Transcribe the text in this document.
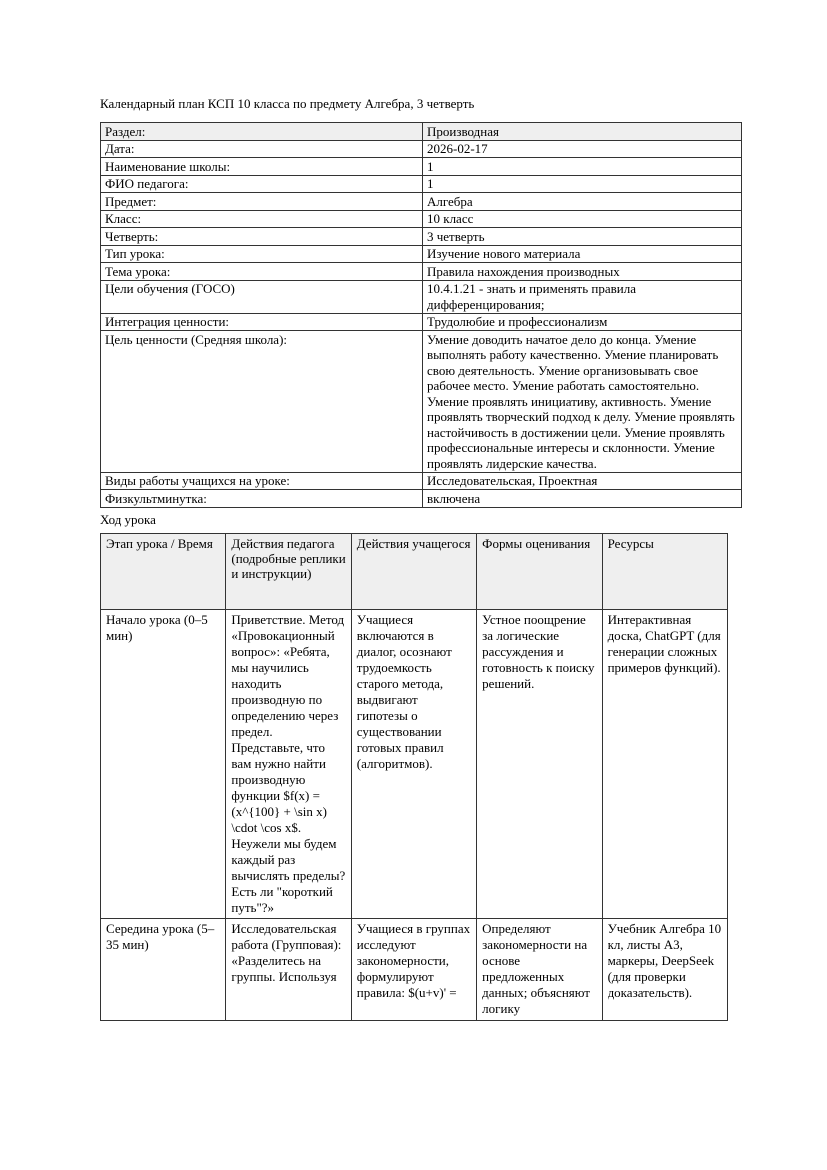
Календарный план КСП 10 класса по предмету Алгебра, 3 четверть
Раздел:	Производная
Дата:	2026-02-17
Наименование школы:	1
ФИО педагога:	1
Предмет:	Алгебра
Класс:	10 класс
Четверть:	3 четверть
Тип урока:	Изучение нового материала
Тема урока:	Правила нахождения производных
Цели обучения (ГОСО)	10.4.1.21 - знать и применять правила дифференцирования;
Интеграция ценности:	Трудолюбие и профессионализм
Цель ценности (Средняя школа):	Умение доводить начатое дело до конца. Умение выполнять работу качественно. Умение планировать свою деятельность. Умение организовывать свое рабочее место. Умение работать самостоятельно. Умение проявлять инициативу, активность. Умение проявлять творческий подход к делу. Умение проявлять настойчивость в достижении цели. Умение проявлять профессиональные интересы и склонности. Умение проявлять лидерские качества.
Виды работы учащихся на уроке:	Исследовательская, Проектная
Физкультминутка:	включена
Ход урока
Этап урока / Время	Действия педагога (подробные реплики и инструкции)	Действия учащегося	Формы оценивания	Ресурсы

Начало урока (0–5 мин)	Приветствие. Метод «Провокационный вопрос»: «Ребята, мы научились находить производную по определению через предел. Представьте, что вам нужно найти производную функции $f(x) = (x^{100} + \sin x) \cdot \cos x$. Неужели мы будем каждый раз вычислять пределы? Есть ли "короткий путь"?»	Учащиеся включаются в диалог, осознают трудоемкость старого метода, выдвигают гипотезы о существовании готовых правил (алгоритмов).	Устное поощрение за логические рассуждения и готовность к поиску решений.	Интерактивная доска, ChatGPT (для генерации сложных примеров функций).

Середина урока (5–35 мин)	Исследовательская работа (Групповая): «Разделитесь на группы. Используя	Учащиеся в группах исследуют закономерности, формулируют правила: $(u+v)' =	Определяют закономерности на основе предложенных данных; объясняют логику	Учебник Алгебра 10 кл, листы А3, маркеры, DeepSeek (для проверки доказательств).
